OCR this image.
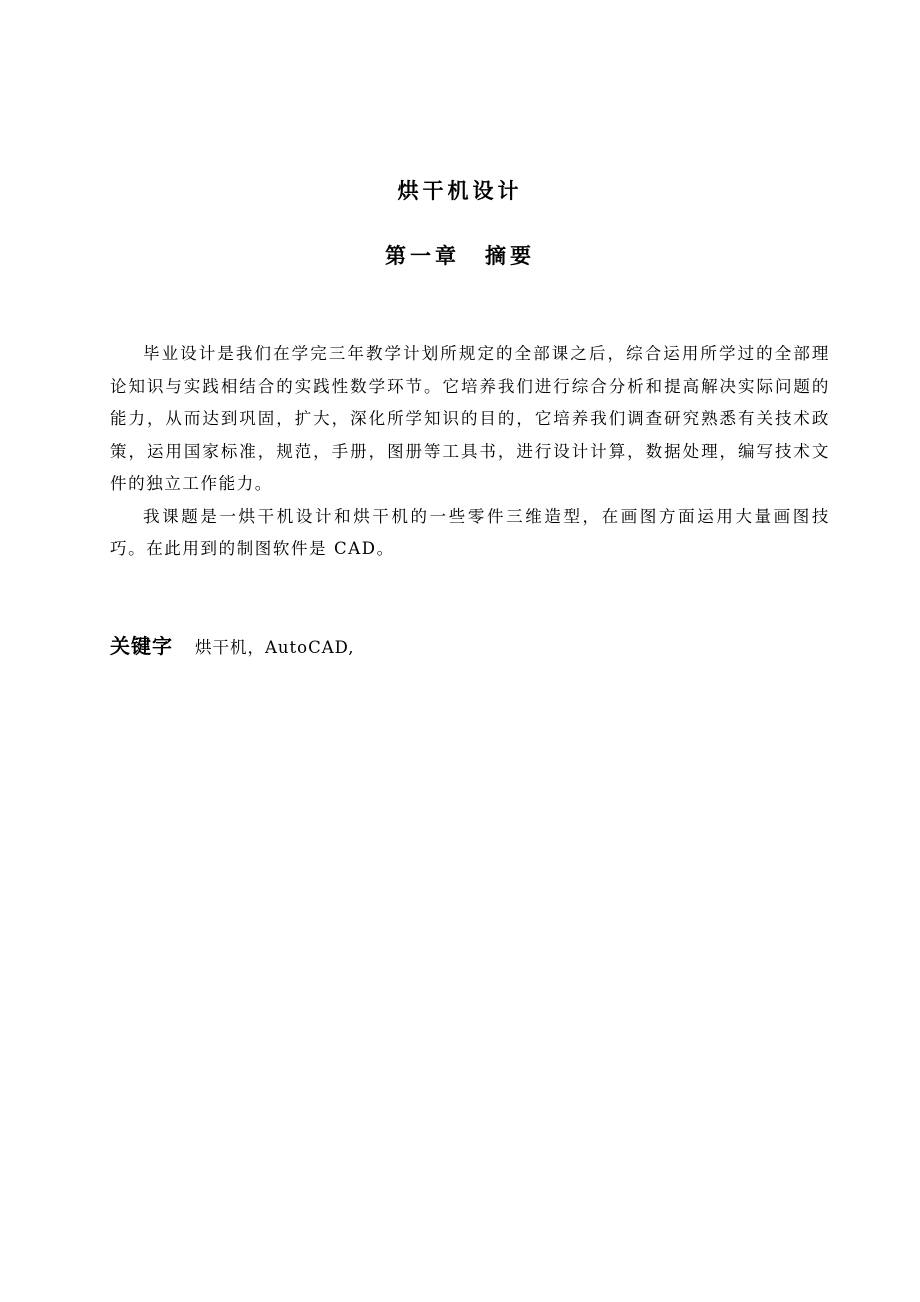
烘干机设计
第一章　摘要

毕业设计是我们在学完三年教学计划所规定的全部课之后，综合运用所学过的全部理论知识与实践相结合的实践性数学环节。它培养我们进行综合分析和提高解决实际问题的能力，从而达到巩固，扩大，深化所学知识的目的，它培养我们调查研究熟悉有关技术政策，运用国家标准，规范，手册，图册等工具书，进行设计计算，数据处理，编写技术文件的独立工作能力。

我课题是一烘干机设计和烘干机的一些零件三维造型，在画图方面运用大量画图技巧。在此用到的制图软件是 CAD。

关键字 烘干机，AutoCAD,
